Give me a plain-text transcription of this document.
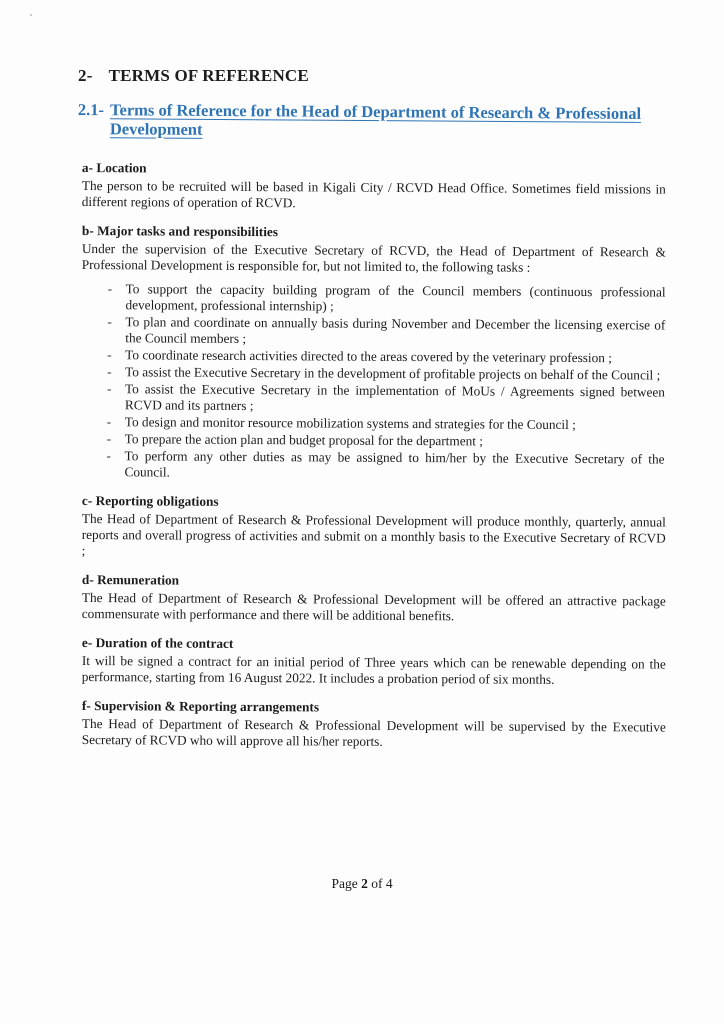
2- TERMS OF REFERENCE
2.1- Terms of Reference for the Head of Department of Research & Professional Development
a- Location

The person to be recruited will be based in Kigali City / RCVD Head Office. Sometimes field missions in different regions of operation of RCVD.

b- Major tasks and responsibilities

Under the supervision of the Executive Secretary of RCVD, the Head of Department of Research & Professional Development is responsible for, but not limited to, the following tasks :

- To support the capacity building program of the Council members (continuous professional development, professional internship) ;
- To plan and coordinate on annually basis during November and December the licensing exercise of the Council members ;
- To coordinate research activities directed to the areas covered by the veterinary profession ;
- To assist the Executive Secretary in the development of profitable projects on behalf of the Council ;
- To assist the Executive Secretary in the implementation of MoUs / Agreements signed between RCVD and its partners ;
- To design and monitor resource mobilization systems and strategies for the Council ;
- To prepare the action plan and budget proposal for the department ;
- To perform any other duties as may be assigned to him/her by the Executive Secretary of the Council.
c- Reporting obligations

The Head of Department of Research & Professional Development will produce monthly, quarterly, annual reports and overall progress of activities and submit on a monthly basis to the Executive Secretary of RCVD ;

d- Remuneration

The Head of Department of Research & Professional Development will be offered an attractive package commensurate with performance and there will be additional benefits.

e- Duration of the contract

It will be signed a contract for an initial period of Three years which can be renewable depending on the performance, starting from 16 August 2022. It includes a probation period of six months.

f- Supervision & Reporting arrangements

The Head of Department of Research & Professional Development will be supervised by the Executive Secretary of RCVD who will approve all his/her reports.

Page 2 of 4
